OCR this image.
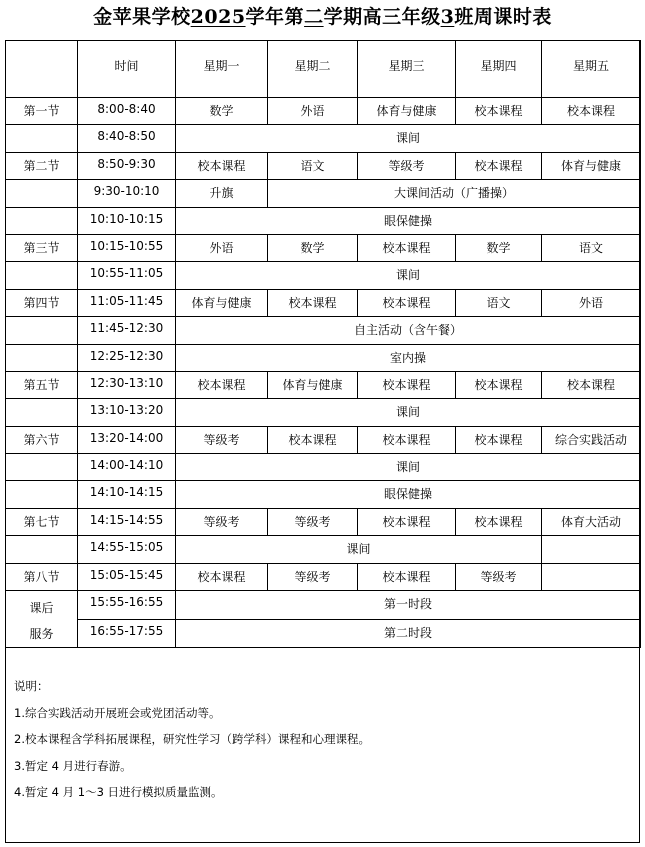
金苹果学校2025学年第二学期高三年级3班周课时表
	时间	星期一	星期二	星期三	星期四	星期五
第一节	8:00-8:40	数学	外语	体育与健康	校本课程	校本课程
	8:40-8:50	课间				
第二节	8:50-9:30	校本课程	语文	等级考	校本课程	体育与健康
	9:30-10:10	升旗	大课间活动（广播操）			
	10:10-10:15	眼保健操				
第三节	10:15-10:55	外语	数学	校本课程	数学	语文
	10:55-11:05	课间				
第四节	11:05-11:45	体育与健康	校本课程	校本课程	语文	外语
	11:45-12:30	自主活动（含午餐）				
	12:25-12:30	室内操				
第五节	12:30-13:10	校本课程	体育与健康	校本课程	校本课程	校本课程
	13:10-13:20	课间				
第六节	13:20-14:00	等级考	校本课程	校本课程	校本课程	综合实践活动
	14:00-14:10	课间				
	14:10-14:15	眼保健操				
第七节	14:15-14:55	等级考	等级考	校本课程	校本课程	体育大活动
	14:55-15:05	课间				
第八节	15:05-15:45	校本课程	等级考	校本课程	等级考	
课后
服务	15:55-16:55	第一时段				
	16:55-17:55	第二时段				
说明：
1.综合实践活动开展班会或党团活动等。
2.校本课程含学科拓展课程，研究性学习（跨学科）课程和心理课程。
3.暂定 4 月进行春游。
4.暂定 4 月 1～3 日进行模拟质量监测。
